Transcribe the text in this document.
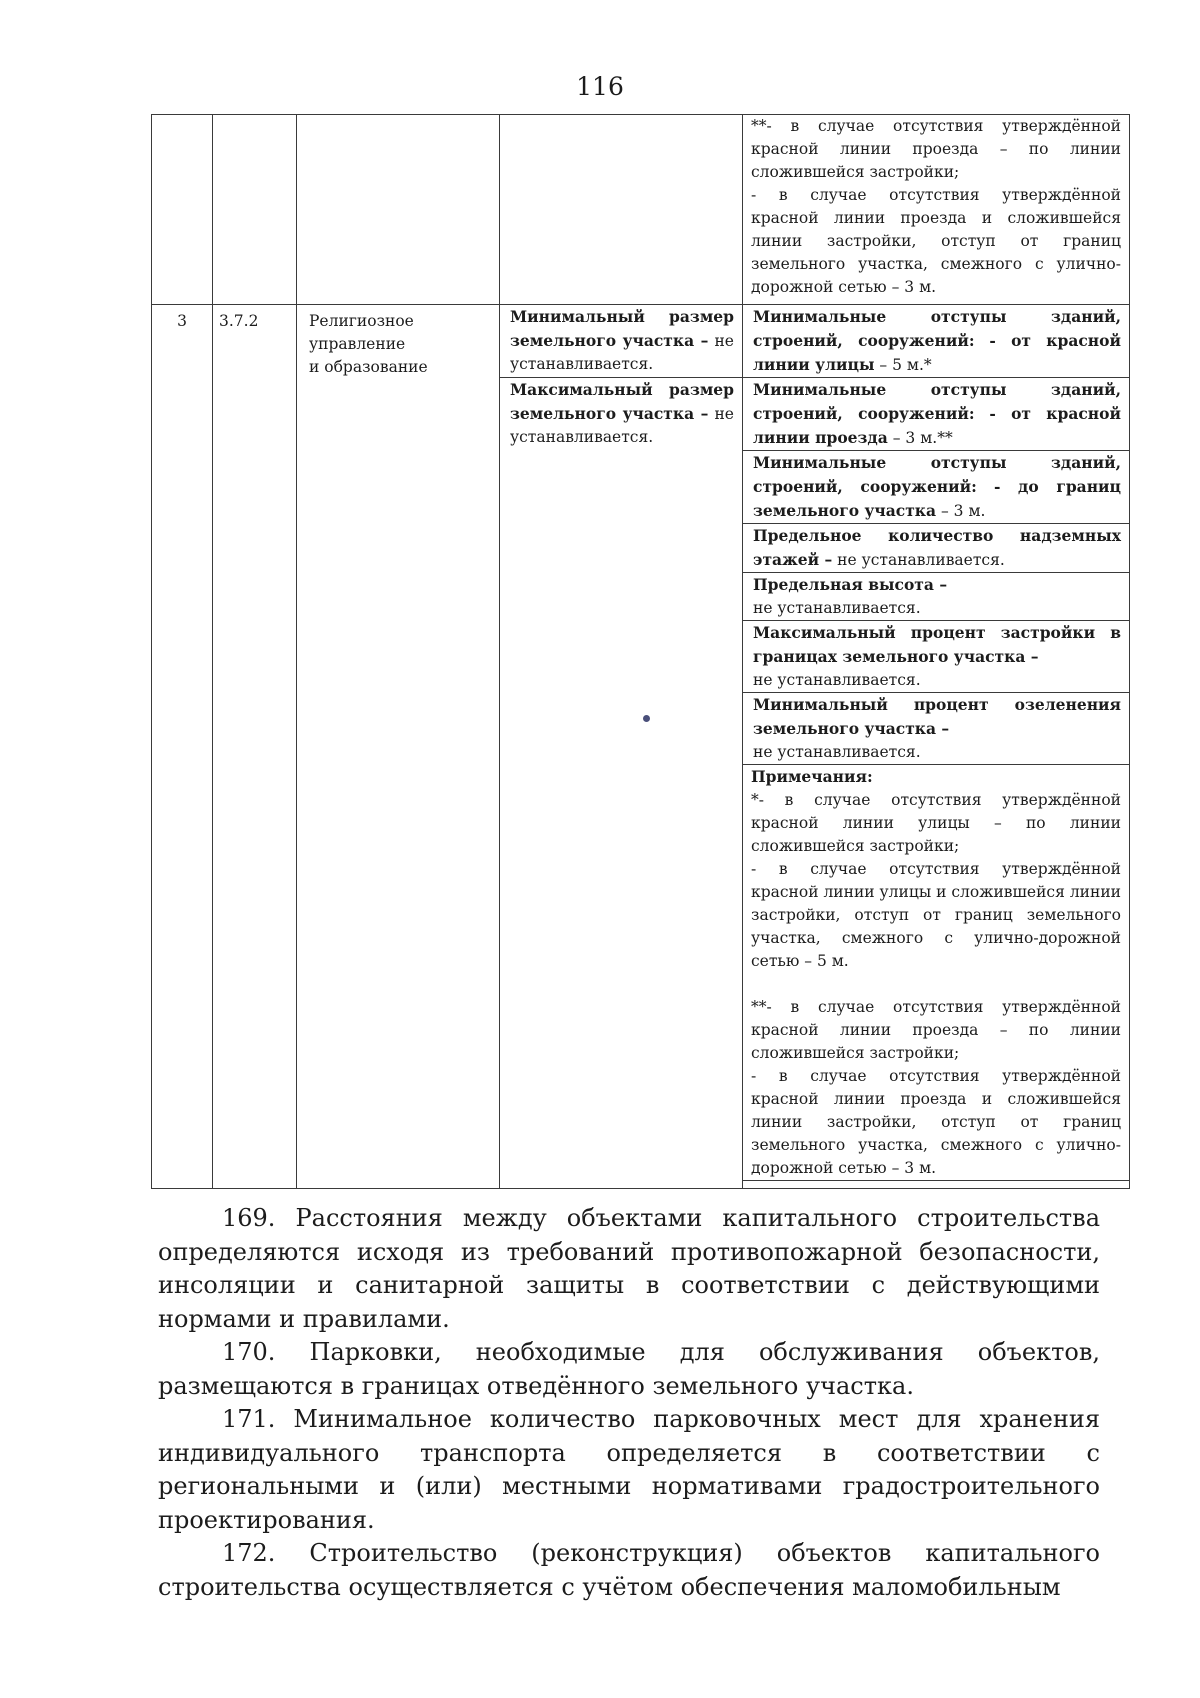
116

				**- в случае отсутствия утверждённой красной линии проезда – по линии сложившейся застройки;
- в случае отсутствия утверждённой красной линии проезда и сложившейся линии застройки, отступ от границ земельного участка, смежного с улично-дорожной сетью – 3 м.

3	3.7.2	Религиозное
управление
и образование	Минимальный размер земельного участка – не устанавливается.	Минимальные отступы зданий, строений, сооружений: - от красной линии улицы – 5 м.*
			Максимальный размер земельного участка – не устанавливается.	Минимальные отступы зданий, строений, сооружений: - от красной линии проезда – 3 м.**
				Минимальные отступы зданий, строений, сооружений: - до границ земельного участка – 3 м.
				Предельное количество надземных этажей – не устанавливается.

				Предельная высота –
не устанавливается.

				Максимальный процент застройки в границах земельного участка –
не устанавливается.

				Минимальный процент озеленения земельного участка –
не устанавливается.

				Примечания:
*- в случае отсутствия утверждённой красной линии улицы – по линии сложившейся застройки;
- в случае отсутствия утверждённой красной линии улицы и сложившейся линии застройки, отступ от границ земельного участка, смежного с улично-дорожной сетью – 5 м.
**- в случае отсутствия утверждённой красной линии проезда – по линии сложившейся застройки;
- в случае отсутствия утверждённой красной линии проезда и сложившейся линии застройки, отступ от границ земельного участка, смежного с улично-дорожной сетью – 3 м.

169. Расстояния между объектами капитального строительства определяются исходя из требований противопожарной безопасности, инсоляции и санитарной защиты в соответствии с действующими нормами и правилами.

170. Парковки, необходимые для обслуживания объектов, размещаются в границах отведённого земельного участка.

171. Минимальное количество парковочных мест для хранения индивидуального транспорта определяется в соответствии с региональными и (или) местными нормативами градостроительного проектирования.

172. Строительство (реконструкция) объектов капитального строительства осуществляется с учётом обеспечения маломобильным
